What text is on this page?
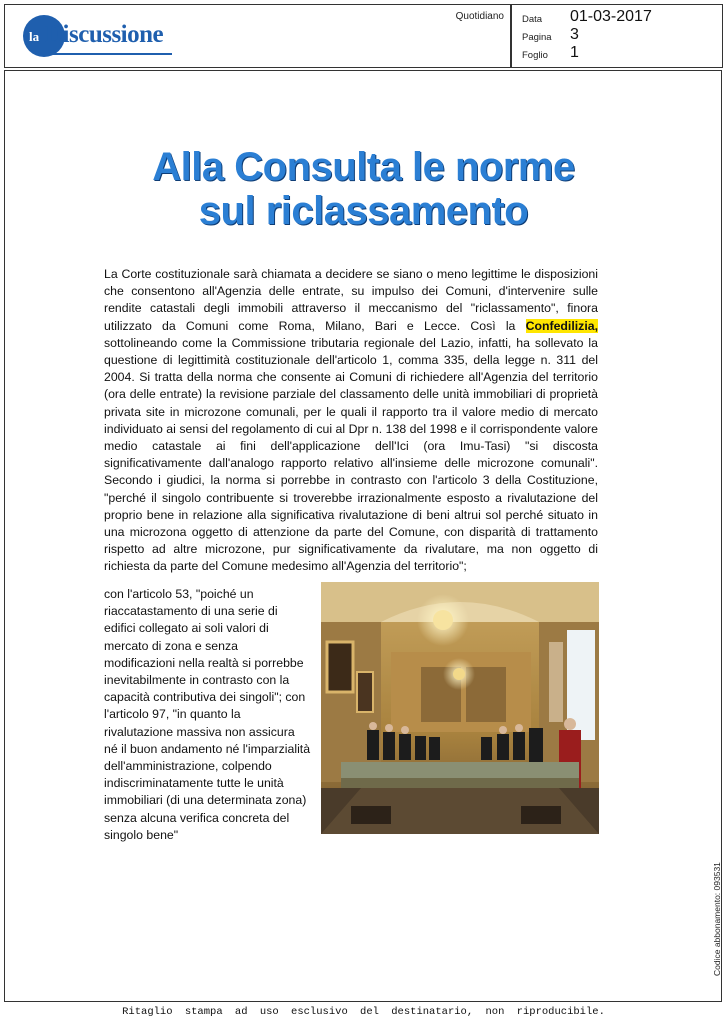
la Discussione
Quotidiano Data 01-03-2017
Pagina 3
Foglio 1
Alla Consulta le norme
sul riclassamento

La Corte costituzionale sarà chiamata a decidere se siano o meno legittime le disposizioni che consentono all'Agenzia delle entrate, su impulso dei Comuni, d'intervenire sulle rendite catastali degli immobili attraverso il meccanismo del "riclassamento", finora utilizzato da Comuni come Roma, Milano, Bari e Lecce. Così la Confedilizia, sottolineando come la Commissione tributaria regionale del Lazio, infatti, ha sollevato la questione di legittimità costituzionale dell'articolo 1, comma 335, della legge n. 311 del 2004. Si tratta della norma che consente ai Comuni di richiedere all'Agenzia del territorio (ora delle entrate) la revisione parziale del classamento delle unità immobiliari di proprietà privata site in microzone comunali, per le quali il rapporto tra il valore medio di mercato individuato ai sensi del regolamento di cui al Dpr n. 138 del 1998 e il corrispondente valore medio catastale ai fini dell'applicazione dell'Ici (ora Imu-Tasi) "si discosta significativamente dall'analogo rapporto relativo all'insieme delle microzone comunali". Secondo i giudici, la norma si porrebbe in contrasto con l'articolo 3 della Costituzione, "perché il singolo contribuente si troverebbe irrazionalmente esposto a rivalutazione del proprio bene in relazione alla significativa rivalutazione di beni altrui sol perché situato in una microzona oggetto di attenzione da parte del Comune, con disparità di trattamento rispetto ad altre microzone, pur significativamente da rivalutare, ma non oggetto di richiesta da parte del Comune medesimo all'Agenzia del territorio";

con l'articolo 53, "poiché un riaccatastamento di una serie di edifici collegato ai soli valori di mercato di zona e senza modificazioni nella realtà si porrebbe inevitabilmente in contrasto con la capacità contributiva dei singoli"; con l'articolo 97, "in quanto la rivalutazione massiva non assicura né il buon andamento né l'imparzialità dell'amministrazione, colpendo indiscriminatamente tutte le unità immobiliari (di una determinata zona) senza alcuna verifica concreta del singolo bene"
Codice abbonamento: 093531
Ritaglio stampa ad uso esclusivo del destinatario, non riproducibile.
